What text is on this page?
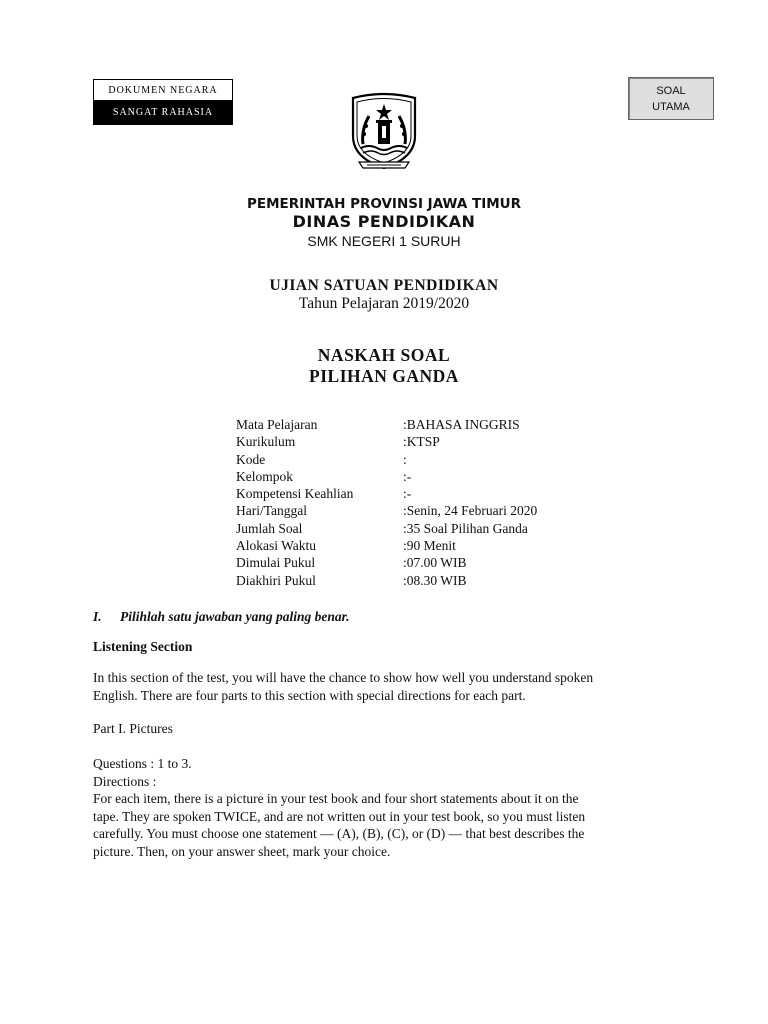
DOKUMEN NEGARA
SANGAT RAHASIA
SOAL
UTAMA
PEMERINTAH PROVINSI JAWA TIMUR
DINAS PENDIDIKAN
SMK NEGERI 1 SURUH
UJIAN SATUAN PENDIDIKAN
Tahun Pelajaran 2019/2020
NASKAH SOAL
PILIHAN GANDA
Mata Pelajaran	:BAHASA INGGRIS
Kurikulum	:KTSP
Kode	:
Kelompok	:-
Kompetensi Keahlian	:-
Hari/Tanggal	:Senin, 24 Februari 2020
Jumlah Soal	:35 Soal Pilihan Ganda
Alokasi Waktu	:90 Menit
Dimulai Pukul	:07.00 WIB
Diakhiri Pukul	:08.30 WIB
I. Pilihlah satu jawaban yang paling benar.
Listening Section
In this section of the test, you will have the chance to show how well you understand spoken
English. There are four parts to this section with special directions for each part.
Part I. Pictures
Questions : 1 to 3.
Directions :
For each item, there is a picture in your test book and four short statements about it on the
tape. They are spoken TWICE, and are not written out in your test book, so you must listen
carefully. You must choose one statement — (A), (B), (C), or (D) — that best describes the
picture. Then, on your answer sheet, mark your choice.
